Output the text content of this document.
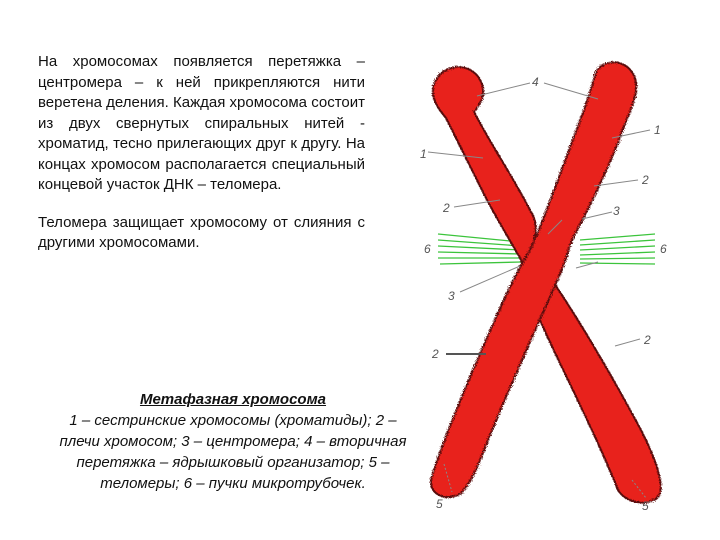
На хромосомах появляется перетяжка – центромера – к ней прикрепляются нити веретена деления. Каждая хромосома состоит из двух свернутых спиральных нитей - хроматид, тесно прилегающих друг к другу. На концах хромосом располагается специальный концевой участок ДНК – теломера.

Теломера защищает хромосому от слияния с другими хромосомами.

Метафазная хромосома
1 – сестринские хромосомы (хроматиды); 2 – плечи хромосом; 3 – центромера; 4 – вторичная перетяжка – ядрышковый организатор; 5 – теломеры; 6 – пучки микротрубочек.
4
1
1
2
2
3
6	6
3
2
2
5	5
